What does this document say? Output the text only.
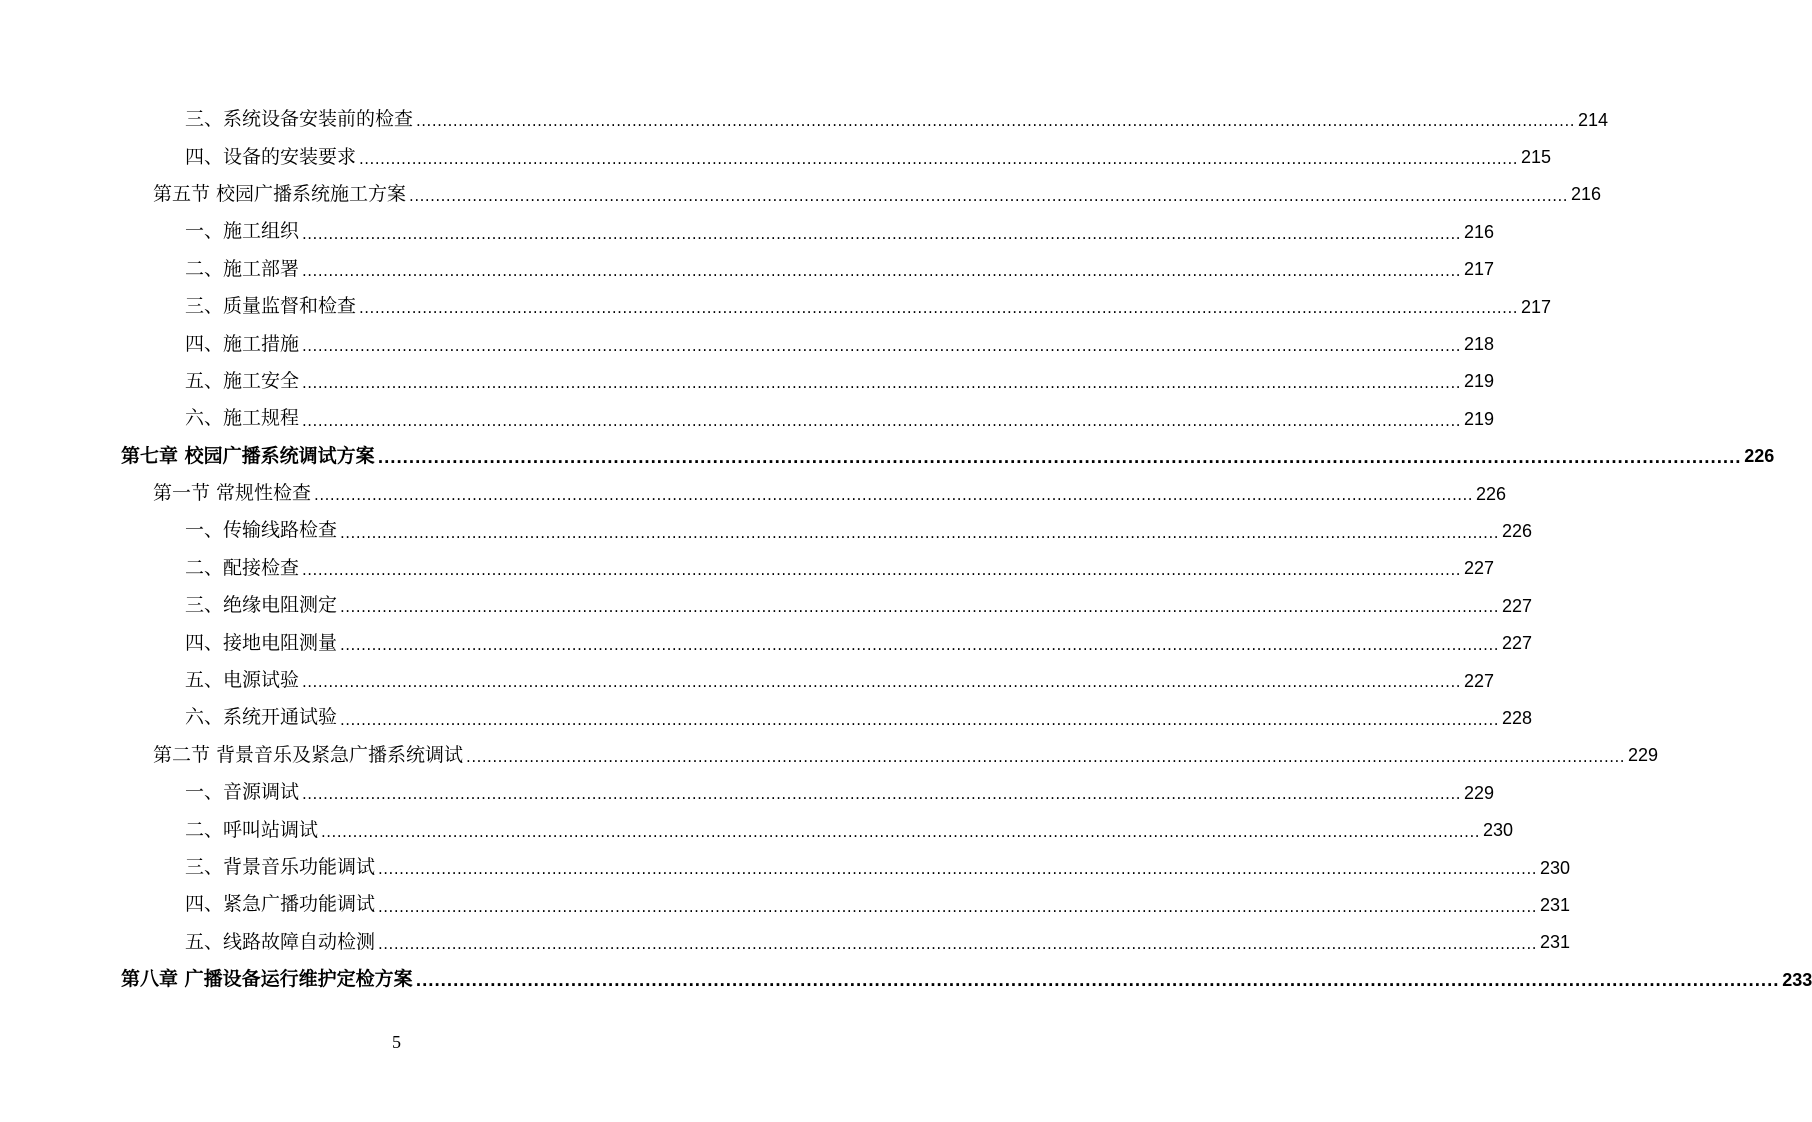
三、系统设备安装前的检查 ............................................................................................................................................................................................................................ 214
四、设备的安装要求 ............................................................................................................................................................................................................................ 215
第五节 校园广播系统施工方案 ............................................................................................................................................................................................................................ 216
一、施工组织 ............................................................................................................................................................................................................................ 216
二、施工部署 ............................................................................................................................................................................................................................ 217
三、质量监督和检查 ............................................................................................................................................................................................................................ 217
四、施工措施 ............................................................................................................................................................................................................................ 218
五、施工安全 ............................................................................................................................................................................................................................ 219
六、施工规程 ............................................................................................................................................................................................................................ 219
第七章 校园广播系统调试方案 ............................................................................................................................................................................................................................ 226
第一节 常规性检查 ............................................................................................................................................................................................................................ 226
一、传输线路检查 ............................................................................................................................................................................................................................ 226
二、配接检查 ............................................................................................................................................................................................................................ 227
三、绝缘电阻测定 ............................................................................................................................................................................................................................ 227
四、接地电阻测量 ............................................................................................................................................................................................................................ 227
五、电源试验 ............................................................................................................................................................................................................................ 227
六、系统开通试验 ............................................................................................................................................................................................................................ 228
第二节 背景音乐及紧急广播系统调试 ............................................................................................................................................................................................................................ 229
一、音源调试 ............................................................................................................................................................................................................................ 229
二、呼叫站调试 ............................................................................................................................................................................................................................ 230
三、背景音乐功能调试 ............................................................................................................................................................................................................................ 230
四、紧急广播功能调试 ............................................................................................................................................................................................................................ 231
五、线路故障自动检测 ............................................................................................................................................................................................................................ 231
第八章 广播设备运行维护定检方案 ............................................................................................................................................................................................................................ 233
5
